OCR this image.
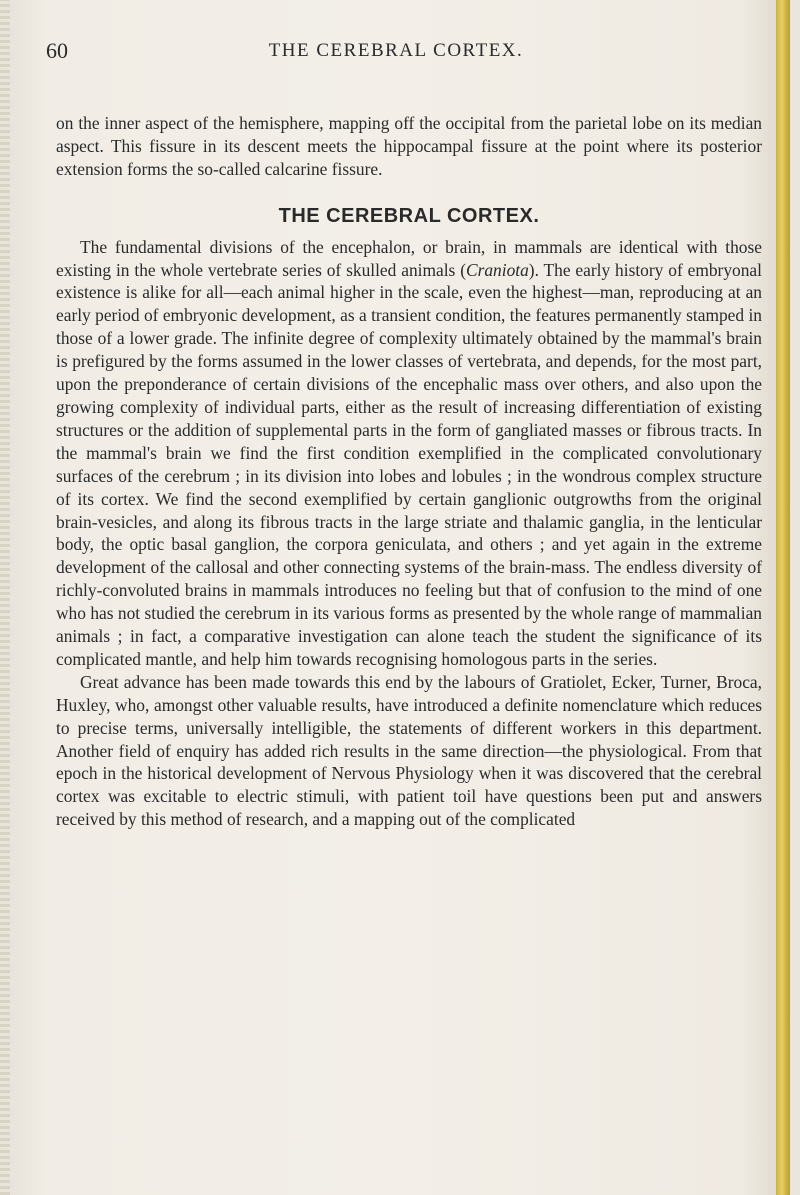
60	THE CEREBRAL CORTEX.

on the inner aspect of the hemisphere, mapping off the occipital from the parietal lobe on its median aspect. This fissure in its descent meets the hippocampal fissure at the point where its posterior extension forms the so-called calcarine fissure.

THE CEREBRAL CORTEX.

The fundamental divisions of the encephalon, or brain, in mammals are identical with those existing in the whole vertebrate series of skulled animals (Craniota). The early history of embryonal existence is alike for all—each animal higher in the scale, even the highest—man, reproducing at an early period of embryonic development, as a transient condition, the features permanently stamped in those of a lower grade. The infinite degree of complexity ultimately obtained by the mammal's brain is prefigured by the forms assumed in the lower classes of vertebrata, and depends, for the most part, upon the preponderance of certain divisions of the encephalic mass over others, and also upon the growing complexity of individual parts, either as the result of increasing differentiation of existing structures or the addition of supplemental parts in the form of gangliated masses or fibrous tracts. In the mammal's brain we find the first condition exemplified in the complicated convolutionary surfaces of the cerebrum ; in its division into lobes and lobules ; in the wondrous complex structure of its cortex. We find the second exemplified by certain ganglionic outgrowths from the original brain-vesicles, and along its fibrous tracts in the large striate and thalamic ganglia, in the lenticular body, the optic basal ganglion, the corpora geniculata, and others ; and yet again in the extreme development of the callosal and other connecting systems of the brain-mass. The endless diversity of richly-convoluted brains in mammals introduces no feeling but that of confusion to the mind of one who has not studied the cerebrum in its various forms as presented by the whole range of mammalian animals ; in fact, a comparative investigation can alone teach the student the significance of its complicated mantle, and help him towards recognising homologous parts in the series.

Great advance has been made towards this end by the labours of Gratiolet, Ecker, Turner, Broca, Huxley, who, amongst other valuable results, have introduced a definite nomenclature which reduces to precise terms, universally intelligible, the statements of different workers in this department. Another field of enquiry has added rich results in the same direction—the physiological. From that epoch in the historical development of Nervous Physiology when it was discovered that the cerebral cortex was excitable to electric stimuli, with patient toil have questions been put and answers received by this method of research, and a mapping out of the complicated
